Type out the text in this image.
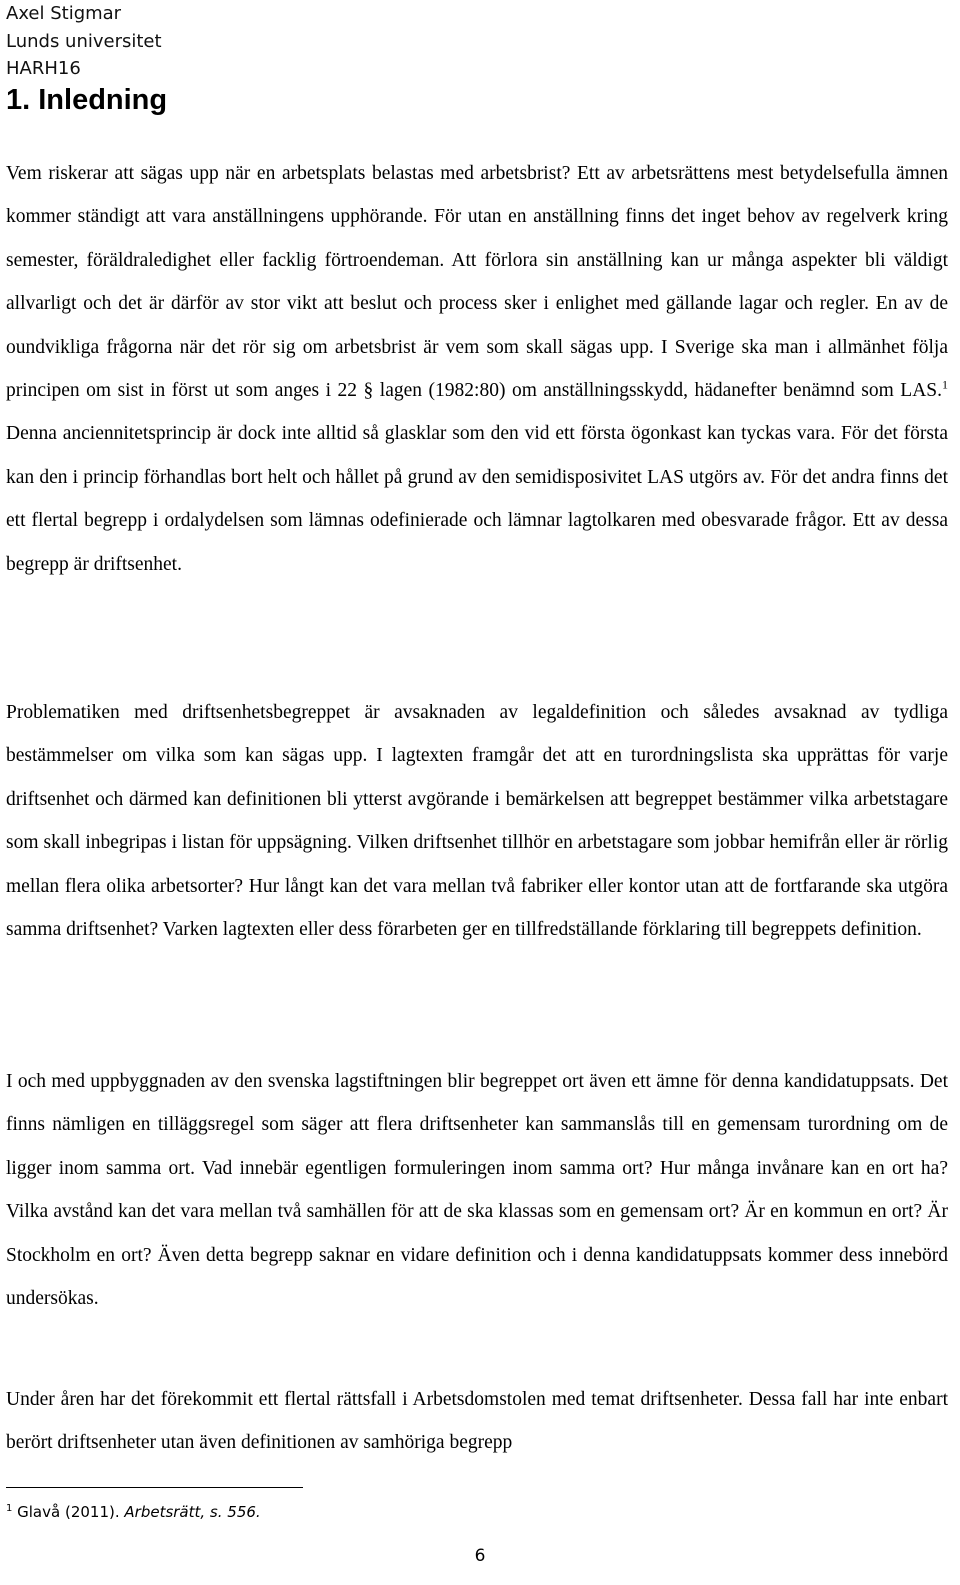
Axel Stigmar
Lunds universitet
HARH16
1. Inledning

Vem riskerar att sägas upp när en arbetsplats belastas med arbetsbrist? Ett av arbetsrättens mest betydelsefulla ämnen kommer ständigt att vara anställningens upphörande. För utan en anställning finns det inget behov av regelverk kring semester, föräldraledighet eller facklig förtroendeman. Att förlora sin anställning kan ur många aspekter bli väldigt allvarligt och det är därför av stor vikt att beslut och process sker i enlighet med gällande lagar och regler. En av de oundvikliga frågorna när det rör sig om arbetsbrist är vem som skall sägas upp. I Sverige ska man i allmänhet följa principen om sist in först ut som anges i 22 § lagen (1982:80) om anställningsskydd, hädanefter benämnd som LAS.$^1$ Denna anciennitetsprincip är dock inte alltid så glasklar som den vid ett första ögonkast kan tyckas vara. För det första kan den i princip förhandlas bort helt och hållet på grund av den semidisposivitet LAS utgörs av. För det andra finns det ett flertal begrepp i ordalydelsen som lämnas odefinierade och lämnar lagtolkaren med obesvarade frågor. Ett av dessa begrepp är driftsenhet.

Problematiken med driftsenhetsbegreppet är avsaknaden av legaldefinition och således avsaknad av tydliga bestämmelser om vilka som kan sägas upp. I lagtexten framgår det att en turordningslista ska upprättas för varje driftsenhet och därmed kan definitionen bli ytterst avgörande i bemärkelsen att begreppet bestämmer vilka arbetstagare som skall inbegripas i listan för uppsägning. Vilken driftsenhet tillhör en arbetstagare som jobbar hemifrån eller är rörlig mellan flera olika arbetsorter? Hur långt kan det vara mellan två fabriker eller kontor utan att de fortfarande ska utgöra samma driftsenhet? Varken lagtexten eller dess förarbeten ger en tillfredställande förklaring till begreppets definition.

I och med uppbyggnaden av den svenska lagstiftningen blir begreppet ort även ett ämne för denna kandidatuppsats. Det finns nämligen en tilläggsregel som säger att flera driftsenheter kan sammanslås till en gemensam turordning om de ligger inom samma ort. Vad innebär egentligen formuleringen inom samma ort? Hur många invånare kan en ort ha? Vilka avstånd kan det vara mellan två samhällen för att de ska klassas som en gemensam ort? Är en kommun en ort? Är Stockholm en ort? Även detta begrepp saknar en vidare definition och i denna kandidatuppsats kommer dess innebörd undersökas.

Under åren har det förekommit ett flertal rättsfall i Arbetsdomstolen med temat driftsenheter. Dessa fall har inte enbart berört driftsenheter utan även definitionen av samhöriga begrepp

$^1$ Glavå (2011). Arbetsrätt, s. 556.
6
